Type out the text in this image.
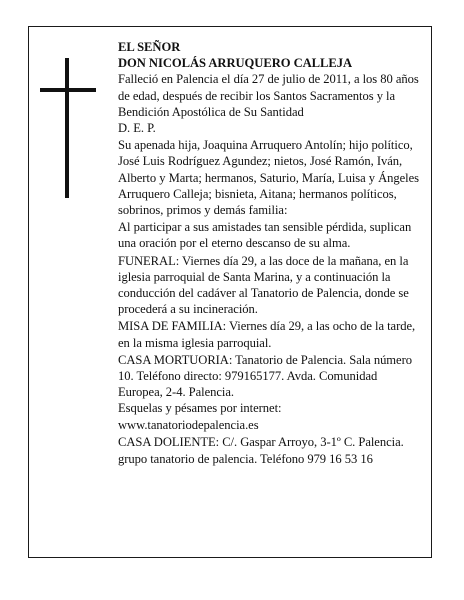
EL SEÑOR

DON NICOLÁS ARRUQUERO CALLEJA

Falleció en Palencia el día 27 de julio de 2011, a los 80 años de edad, después de recibir los Santos Sacramentos y la Bendición Apostólica de Su Santidad

D. E. P.

Su apenada hija, Joaquina Arruquero Antolín; hijo político, José Luis Rodríguez Agundez; nietos, José Ramón, Iván, Alberto y Marta; hermanos, Saturio, María, Luisa y Ángeles Arruquero Calleja; bisnieta, Aitana; hermanos políticos, sobrinos, primos y demás familia:

Al participar a sus amistades tan sensible pérdida, suplican una oración por el eterno descanso de su alma.

FUNERAL: Viernes día 29, a las doce de la mañana, en la iglesia parroquial de Santa Marina, y a continuación la conducción del cadáver al Tanatorio de Palencia, donde se procederá a su incineración.

MISA DE FAMILIA: Viernes día 29, a las ocho de la tarde, en la misma iglesia parroquial.

CASA MORTUORIA: Tanatorio de Palencia. Sala número 10. Teléfono directo: 979165177. Avda. Comunidad Europea, 2-4. Palencia.

Esquelas y pésames por internet:

www.tanatoriodepalencia.es

CASA DOLIENTE: C/. Gaspar Arroyo, 3-1º C. Palencia.

grupo tanatorio de palencia. Teléfono 979 16 53 16
